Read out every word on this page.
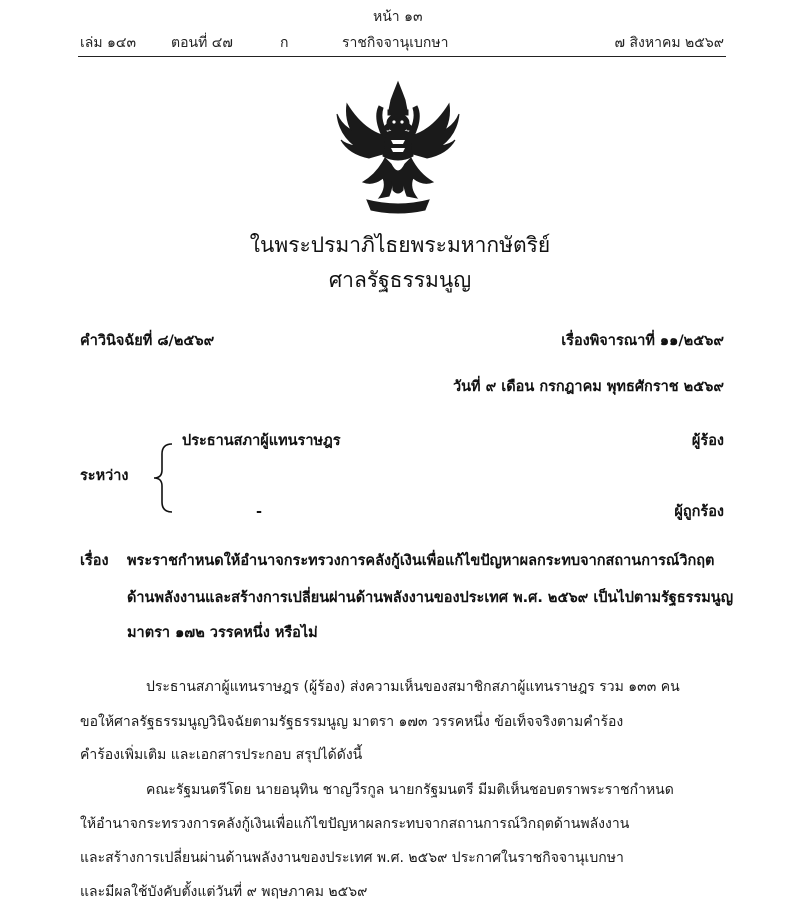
หน้า ๑๓
เล่ม ๑๔๓ ตอนที่ ๔๗	ก	ราชกิจจานุเบกษา	๗ สิงหาคม ๒๕๖๙
ในพระปรมาภิไธยพระมหากษัตริย์
ศาลรัฐธรรมนูญ
คำวินิจฉัยที่ ๘/๒๕๖๙	เรื่องพิจารณาที่ ๑๑/๒๕๖๙
วันที่ ๙ เดือน กรกฎาคม พุทธศักราช ๒๕๖๙
ระหว่าง
ประธานสภาผู้แทนราษฎร	ผู้ร้อง
-	ผู้ถูกร้อง
เรื่อง พระราชกำหนดให้อำนาจกระทรวงการคลังกู้เงินเพื่อแก้ไขปัญหาผลกระทบจากสถานการณ์วิกฤต
ด้านพลังงานและสร้างการเปลี่ยนผ่านด้านพลังงานของประเทศ พ.ศ. ๒๕๖๙ เป็นไปตามรัฐธรรมนูญ
มาตรา ๑๗๒ วรรคหนึ่ง หรือไม่
ประธานสภาผู้แทนราษฎร (ผู้ร้อง) ส่งความเห็นของสมาชิกสภาผู้แทนราษฎร รวม ๑๓๓ คน
ขอให้ศาลรัฐธรรมนูญวินิจฉัยตามรัฐธรรมนูญ มาตรา ๑๗๓ วรรคหนึ่ง ข้อเท็จจริงตามคำร้อง
คำร้องเพิ่มเติม และเอกสารประกอบ สรุปได้ดังนี้
คณะรัฐมนตรีโดย นายอนุทิน ชาญวีรกูล นายกรัฐมนตรี มีมติเห็นชอบตราพระราชกำหนด
ให้อำนาจกระทรวงการคลังกู้เงินเพื่อแก้ไขปัญหาผลกระทบจากสถานการณ์วิกฤตด้านพลังงาน
และสร้างการเปลี่ยนผ่านด้านพลังงานของประเทศ พ.ศ. ๒๕๖๙ ประกาศในราชกิจจานุเบกษา
และมีผลใช้บังคับตั้งแต่วันที่ ๙ พฤษภาคม ๒๕๖๙
